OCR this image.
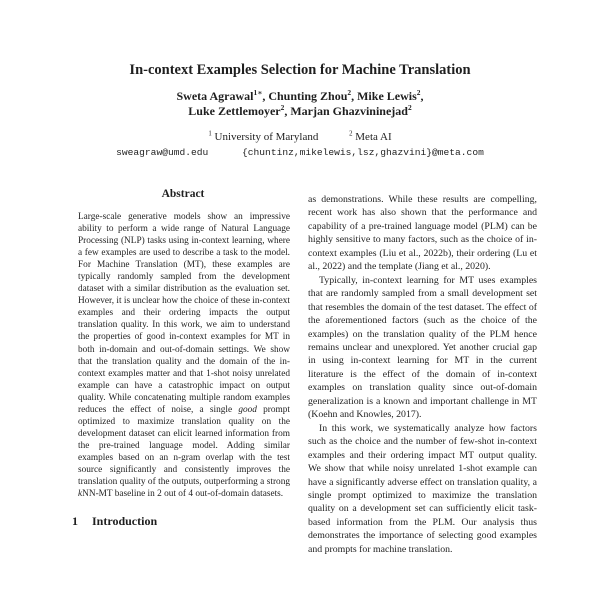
In-context Examples Selection for Machine Translation
Sweta Agrawal$^{1∗}$, Chunting Zhou$^2$, Mike Lewis$^2$,
Luke Zettlemoyer$^2$, Marjan Ghazvininejad$^2$
$^1$ University of Maryland	$^2$ Meta AI
sweagraw@umd.edu	{chuntinz,mikelewis,lsz,ghazvini}@meta.com
Abstract

Large-scale generative models show an impressive ability to perform a wide range of Natural Language Processing (NLP) tasks using in-context learning, where a few examples are used to describe a task to the model. For Machine Translation (MT), these examples are typically randomly sampled from the development dataset with a similar distribution as the evaluation set. However, it is unclear how the choice of these in-context examples and their ordering impacts the output translation quality. In this work, we aim to understand the properties of good in-context examples for MT in both in-domain and out-of-domain settings. We show that the translation quality and the domain of the in-context examples matter and that 1-shot noisy unrelated example can have a catastrophic impact on output quality. While concatenating multiple random examples reduces the effect of noise, a single good prompt optimized to maximize translation quality on the development dataset can elicit learned information from the pre-trained language model. Adding similar examples based on an n-gram overlap with the test source significantly and consistently improves the translation quality of the outputs, outperforming a strong kNN-MT baseline in 2 out of 4 out-of-domain datasets.

1 Introduction

as demonstrations. While these results are compelling, recent work has also shown that the performance and capability of a pre-trained language model (PLM) can be highly sensitive to many factors, such as the choice of in-context examples (Liu et al., 2022b), their ordering (Lu et al., 2022) and the template (Jiang et al., 2020).

Typically, in-context learning for MT uses examples that are randomly sampled from a small development set that resembles the domain of the test dataset. The effect of the aforementioned factors (such as the choice of the examples) on the translation quality of the PLM hence remains unclear and unexplored. Yet another crucial gap in using in-context learning for MT in the current literature is the effect of the domain of in-context examples on translation quality since out-of-domain generalization is a known and important challenge in MT (Koehn and Knowles, 2017).

In this work, we systematically analyze how factors such as the choice and the number of few-shot in-context examples and their ordering impact MT output quality. We show that while noisy unrelated 1-shot example can have a significantly adverse effect on translation quality, a single prompt optimized to maximize the translation quality on a development set can sufficiently elicit task-based information from the PLM. Our analysis thus demonstrates the importance of selecting good examples and prompts for machine translation.
